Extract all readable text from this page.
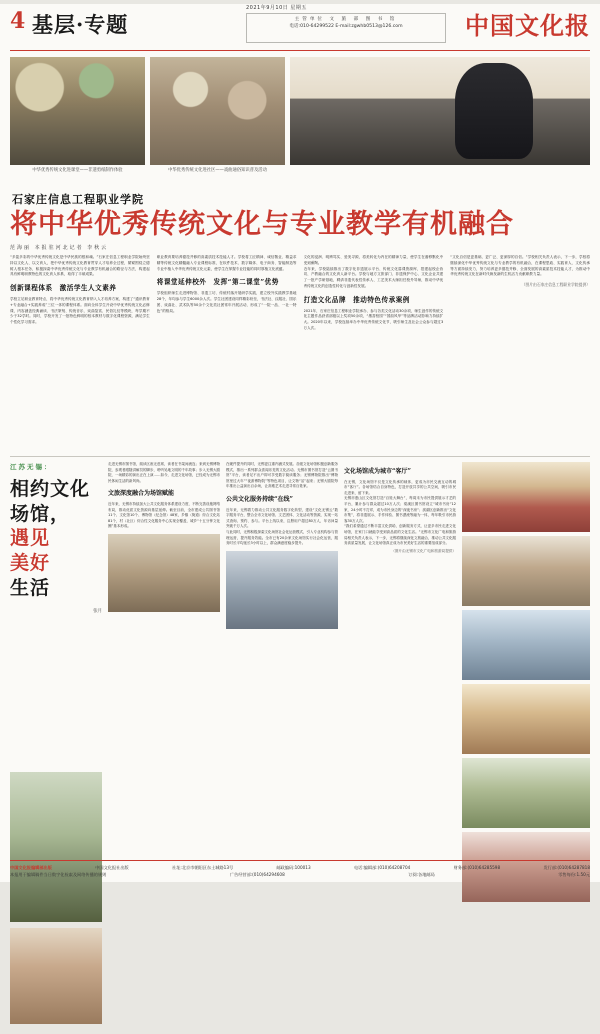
4 基层·专题
2021年9月10日 星期五
主管单位 文 旅 部 图 书 馆
电话:010-64299522 E-mail:zgwhb0513@126.com	中国文化报
中华优秀传统文化进课堂——非遗剪纸制作体验	中华优秀传统文化进社区——戏曲通俗知识普及活动
石家庄信息工程职业学院
将中华优秀传统文化与专业教学有机融合
范海丽 本报驻河北记者 李秋云
“多姿多彩的中华优秀传统文化是中华民族的根和魂。”石家庄信息工程职业学院始终坚持以文化人、以文育人，把中华优秀传统文化教育贯穿人才培养全过程，紧紧围绕立德树人根本任务，积极探索中华优秀传统文化与专业教学有机融合的路径与方法，构建起具有鲜明职教特色的文化育人体系，取得了丰硕成果。
创新课程体系　激活学生人文素养
学校立足职业教育特点，将中华优秀传统文化教育纳入人才培养方案，构建了“通识教育+专业融合+实践养成”三位一体的课程体系。面向全体学生开设中华优秀传统文化必修课，内容涵盖经典诵读、书法篆刻、传统音乐、戏曲鉴赏、民俗礼仪等模块，每学期不少于32学时。同时，学校开发了一批特色鲜明的校本教材与数字化课程资源，满足学生个性化学习需求。
职业教育要培养德技并修的高素质技术技能人才。学校将工匠精神、诚信敬业、精益求精等传统文化精髓融入专业课程标准，在软件技术、数字媒体、电子商务、智能制造等专业中植入中华优秀传统文化元素，使学生在掌握专业技能的同时厚植文化底蕴。
将课堂延伸校外　发挥“第二课堂”优势
学校组织师生走进博物馆、非遗工坊、传统村落开展研学实践，建立校外实践教学基地28个，年均参与学生6000余人次。学生社团建设同样精彩纷呈，书法社、汉服社、国乐团、戏曲社、武术队等50余个文化类社团常年开展活动，形成了“一院一品、一社一特色”的格局。
文化的浸润、明辨笃实、爱美寻源，将美转化为内在的精神力量，使学生在潜移默化中受到熏陶。
近年来，学校陆续推出了数字化非遗展示平台、传统文化慕课资源库，搭建起校企协同、产教融合的文化育人新平台。学校与地方文旅部门、非遗保护中心、文化企业共建了一批产学研基地，聘请非遗代表性传承人、工艺美术大师担任校外导师，推动中华优秀传统文化的创造性转化与创新性发展。
打造文化品牌　推动特色传承案例
2021年，石家庄信息工程职业学院承办、参与各类文化活动30余项，师生创作的传统文化主题作品获省部级以上奖项50余项，“墨香校园”“国韵风华”等品牌活动影响力持续扩大。2020年以来，学校连续举办中华优秀传统文化节，吸引师生及社会公众参与超过3万人次。
“文化自信是更基础、更广泛、更深厚的自信。”学校相关负责人表示，下一步，学校将继续深化中华优秀传统文化与专业教学的有机融合，在课程思政、实践育人、文化传承等方面持续发力，努力培养更多德技并修、全面发展的高素质技术技能人才，为推动中华优秀传统文化在新时代焕发新的生机活力贡献职教力量。
（图片由石家庄信息工程职业学院提供）
江苏无锡：
相约文化场馆，
遇见
美好
生活
张月
走进无锡市图书馆，阅读区座无虚席，读者在书架间流连；来到无锡博物院，参观者跟随讲解员的脚步，聆听吴地文明的千年故事；步入无锡大剧院，一场精彩的演出正在上演……如今，走进文化场馆，已经成为无锡市民休闲生活的新风尚。
文旅深度融合为场馆赋能
近年来，无锡市持续加大公共文化服务体系建设力度，不断完善设施网络布局，推动优质文化资源向基层延伸。截至目前，全市建成公共图书馆11个、文化馆10个、博物馆（纪念馆）48家，乡镇（街道）综合文化站81个，村（社区）综合性文化服务中心实现全覆盖，城乡“十五分钟文化圈”基本形成。
在硬件提升的同时，无锡更注重内涵式发展。各级文化场馆积极创新服务模式，推出一系列群众喜闻乐见的文化活动。无锡市图书馆打造“云图书馆”平台，读者足不出户即可享受数字阅读服务；无锡博物院推出“博物馆里过大年”“夜游博物院”等特色项目，让文物“活”起来；无锡大剧院每年推出公益演出百余场，让高雅艺术走进寻常百姓家。
公共文化服务持续“在线”
近年来，无锡着力推动公共文化服务数字化转型，建设“文化无锡云”数字服务平台，整合全市文化场馆、文艺团体、文化活动等资源，实现一站式查询、预约、参与。平台上线以来，注册用户超过80万人，年访问量突破千万人次。
与此同时，无锡积极探索文化场馆社会化运营模式，引入专业机构参与管理运营，提升服务效能。全市已有20余家文化场馆实行社会化运营，服务时长平均延长3小时以上，群众满意度稳步提升。
文化场馆成为城市“客厅”
在无锡，文化场馆不仅是文化传承的载体，更成为市民交流互动的城市“客厅”。各场馆结合自身特色，打造开放共享的公共空间，吸引市民走进来、留下来。
无锡市惠山区文化馆打造“百姓大舞台”，每周末为市民提供展示才艺的平台，累计参与群众超过10万人次；梁溪区图书馆设立“城市书房”12家，24小时不打烊，成为市民身边的“深夜书房”；滨湖区创新推出“文化市集”，将非遗展示、手作体验、图书漂流等融为一体，每年吸引市民游客30万人次。
“我们希望通过不断丰富文化供给、创新服务方式，让更多市民走进文化场馆，在家门口就能享受到高品质的文化生活。”无锡市文化广电和旅游局相关负责人表示，下一步，无锡将继续深化文旅融合，推动公共文化服务高质量发展，让文化场馆真正成为市民美好生活的重要组成部分。
（图片由无锡市文化广电和旅游局提供）
中国文化报编辑部出版	中国文化报社出版	社址:北京市朝阳区东土城路13号	邮政编码:100013	电话:编辑部:(010)64208704	财务部:(010)64285598	发行部:(010)64287818
本报用于编辑稿件当日数字化检索及网络传播的规则	广告经营部:(010)64294608	订阅:各地邮局	零售每份:1.50元
